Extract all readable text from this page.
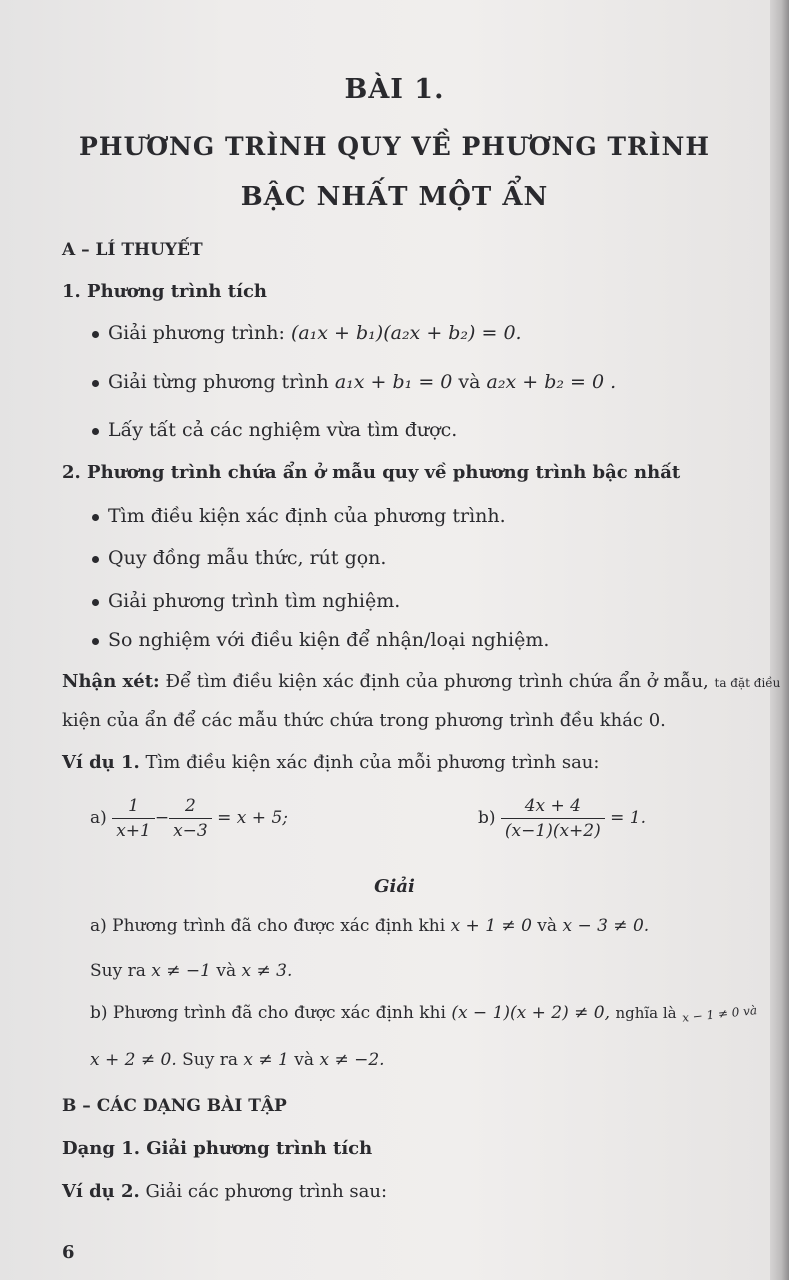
BÀI 1.
PHƯƠNG TRÌNH QUY VỀ PHƯƠNG TRÌNH
BẬC NHẤT MỘT ẨN
A – LÍ THUYẾT
1. Phương trình tích
Giải phương trình: (a₁x + b₁)(a₂x + b₂) = 0.
Giải từng phương trình a₁x + b₁ = 0 và a₂x + b₂ = 0 .
Lấy tất cả các nghiệm vừa tìm được.
2. Phương trình chứa ẩn ở mẫu quy về phương trình bậc nhất
Tìm điều kiện xác định của phương trình.
Quy đồng mẫu thức, rút gọn.
Giải phương trình tìm nghiệm.
So nghiệm với điều kiện để nhận/loại nghiệm.
Nhận xét: Để tìm điều kiện xác định của phương trình chứa ẩn ở mẫu, ta đặt điều
kiện của ẩn để các mẫu thức chứa trong phương trình đều khác 0.
Ví dụ 1. Tìm điều kiện xác định của mỗi phương trình sau:
$a) \frac{1}{x+1} - \frac{2}{x-3} = x + 5$;	$b) \frac{4x + 4}{(x-1)(x+2)} = 1$.
Giải
a) Phương trình đã cho được xác định khi x + 1 ≠ 0 và x − 3 ≠ 0.
Suy ra x ≠ −1 và x ≠ 3.
b) Phương trình đã cho được xác định khi (x − 1)(x + 2) ≠ 0, nghĩa là x − 1 ≠ 0 và
x + 2 ≠ 0. Suy ra x ≠ 1 và x ≠ −2.
B – CÁC DẠNG BÀI TẬP
Dạng 1. Giải phương trình tích
Ví dụ 2. Giải các phương trình sau:
6
